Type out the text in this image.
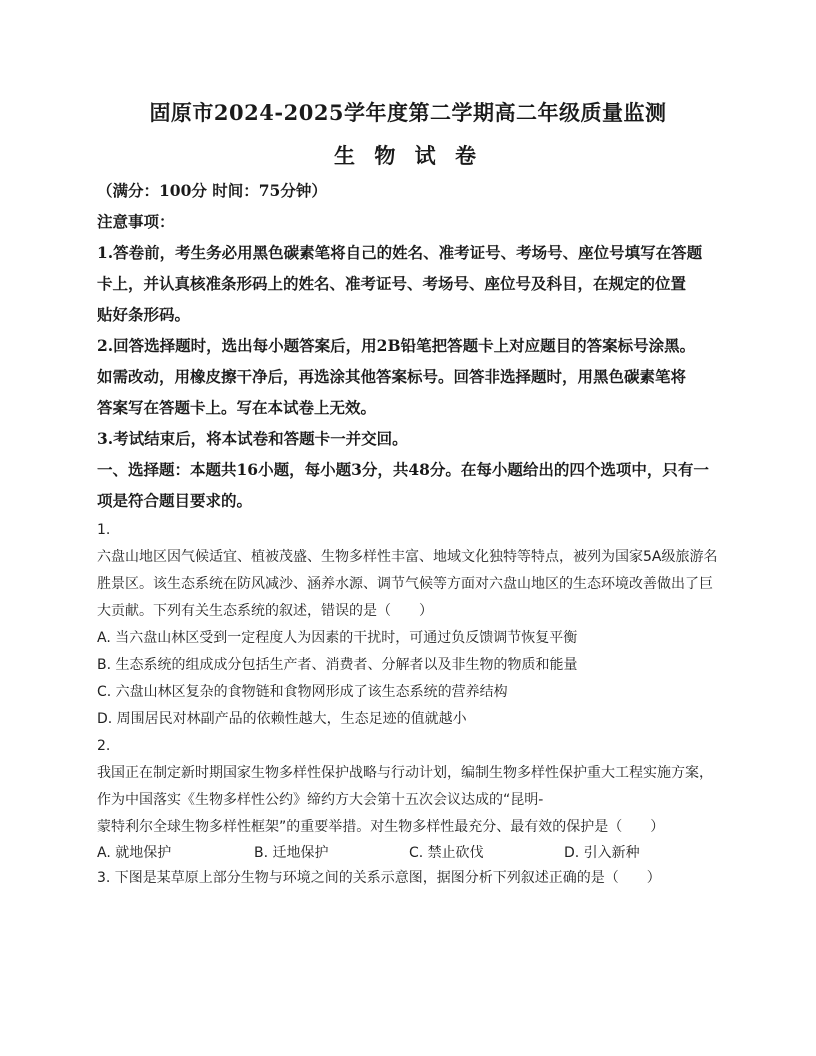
固原市2024-2025学年度第二学期高二年级质量监测
生 物 试 卷
（满分：100分 时间：75分钟）
注意事项：
1.答卷前，考生务必用黑色碳素笔将自己的姓名、准考证号、考场号、座位号填写在答题
卡上，并认真核准条形码上的姓名、准考证号、考场号、座位号及科目，在规定的位置
贴好条形码。
2.回答选择题时，选出每小题答案后，用2B铅笔把答题卡上对应题目的答案标号涂黑。
如需改动，用橡皮擦干净后，再选涂其他答案标号。回答非选择题时，用黑色碳素笔将
答案写在答题卡上。写在本试卷上无效。
3.考试结束后，将本试卷和答题卡一并交回。
一、选择题：本题共16小题，每小题3分，共48分。在每小题给出的四个选项中，只有一
项是符合题目要求的。
1.
六盘山地区因气候适宜、植被茂盛、生物多样性丰富、地域文化独特等特点，被列为国家5A级旅游名
胜景区。该生态系统在防风减沙、涵养水源、调节气候等方面对六盘山地区的生态环境改善做出了巨
大贡献。下列有关生态系统的叙述，错误的是（　　）
A. 当六盘山林区受到一定程度人为因素的干扰时，可通过负反馈调节恢复平衡
B. 生态系统的组成成分包括生产者、消费者、分解者以及非生物的物质和能量
C. 六盘山林区复杂的食物链和食物网形成了该生态系统的营养结构
D. 周围居民对林副产品的依赖性越大，生态足迹的值就越小
2.
我国正在制定新时期国家生物多样性保护战略与行动计划，编制生物多样性保护重大工程实施方案，
作为中国落实《生物多样性公约》缔约方大会第十五次会议达成的“昆明-
蒙特利尔全球生物多样性框架”的重要举措。对生物多样性最充分、最有效的保护是（　　）
A. 就地保护	B. 迁地保护	C. 禁止砍伐	D. 引入新种
3. 下图是某草原上部分生物与环境之间的关系示意图，据图分析下列叙述正确的是（　　）
